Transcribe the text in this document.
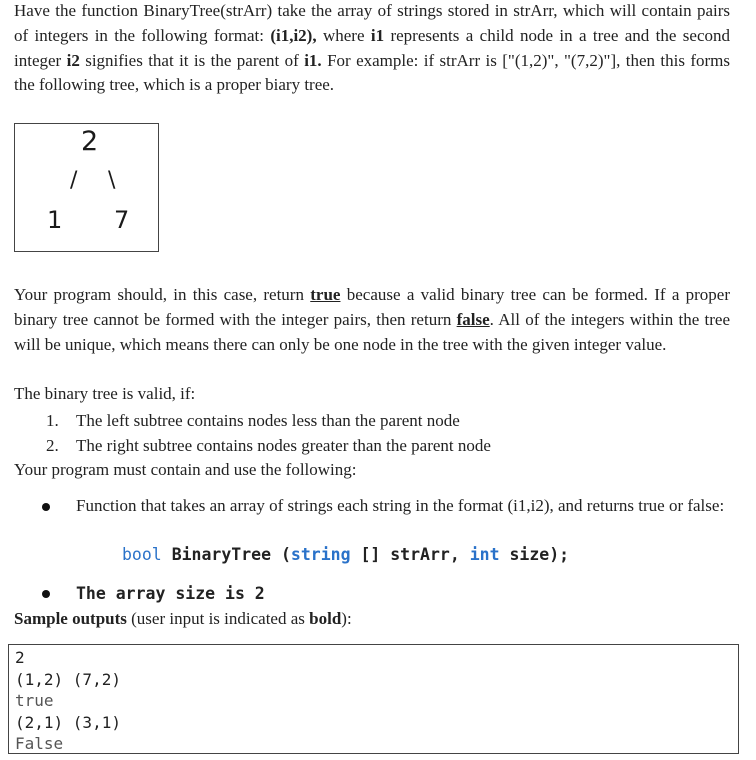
Have the function BinaryTree(strArr) take the array of strings stored in strArr, which will contain pairs of integers in the following format: (i1,i2), where i1 represents a child node in a tree and the second integer i2 signifies that it is the parent of i1. For example: if strArr is ["(1,2)", "(7,2)"], then this forms the following tree, which is a proper biary tree.

2
/ \
1 7

Your program should, in this case, return true because a valid binary tree can be formed. If a proper binary tree cannot be formed with the integer pairs, then return false. All of the integers within the tree will be unique, which means there can only be one node in the tree with the given integer value.

The binary tree is valid, if:

1. The left subtree contains nodes less than the parent node
2. The right subtree contains nodes greater than the parent node

Your program must contain and use the following:

Function that takes an array of strings each string in the format (i1,i2), and returns true or false:
bool BinaryTree (string [] strArr, int size);
The array size is 2

Sample outputs (user input is indicated as bold):

2
(1,2) (7,2)
true
(2,1) (3,1)
False
